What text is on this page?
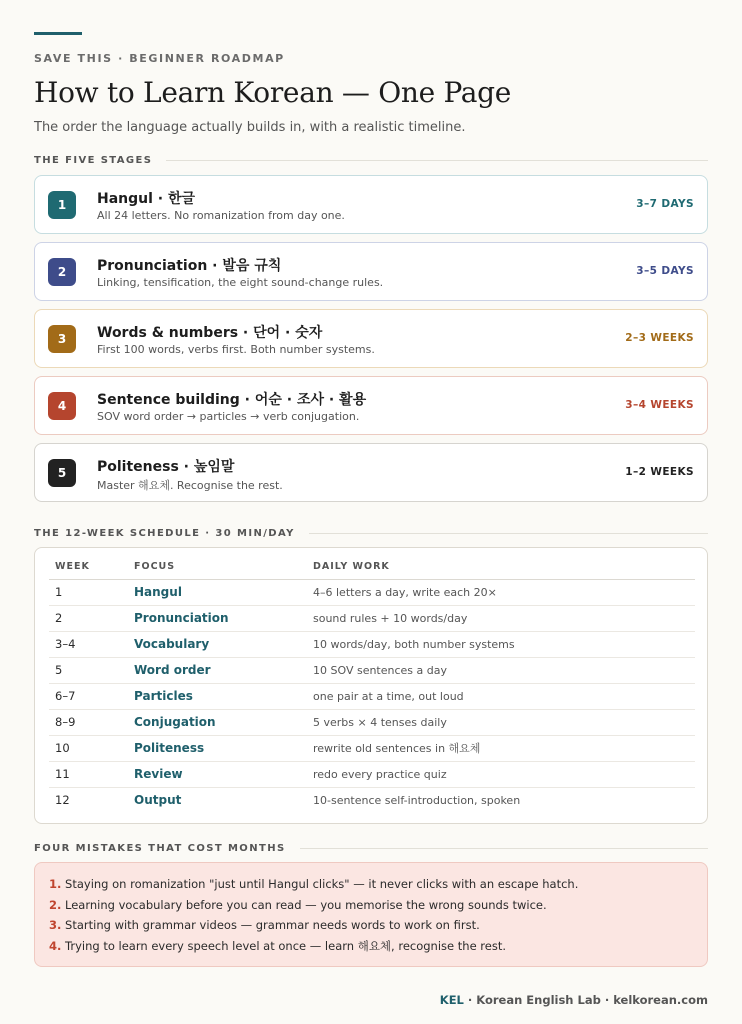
SAVE THIS · BEGINNER ROADMAP
How to Learn Korean — One Page
The order the language actually builds in, with a realistic timeline.
THE FIVE STAGES
1	Hangul · 한글
All 24 letters. No romanization from day one.
3–7 DAYS
2	Pronunciation · 발음 규칙
Linking, tensification, the eight sound-change rules.
3–5 DAYS
3	Words & numbers · 단어 · 숫자
First 100 words, verbs first. Both number systems.
2–3 WEEKS
4	Sentence building · 어순 · 조사 · 활용
SOV word order → particles → verb conjugation.
3–4 WEEKS
5	Politeness · 높임말
Master 해요체. Recognise the rest.
1–2 WEEKS
THE 12-WEEK SCHEDULE · 30 MIN/DAY
WEEK	FOCUS	DAILY WORK
1	Hangul	4–6 letters a day, write each 20×
2	Pronunciation	sound rules + 10 words/day
3–4	Vocabulary	10 words/day, both number systems
5	Word order	10 SOV sentences a day
6–7	Particles	one pair at a time, out loud
8–9	Conjugation	5 verbs × 4 tenses daily
10	Politeness	rewrite old sentences in 해요체
11	Review	redo every practice quiz
12	Output	10-sentence self-introduction, spoken
FOUR MISTAKES THAT COST MONTHS
1. Staying on romanization "just until Hangul clicks" — it never clicks with an escape hatch.
2. Learning vocabulary before you can read — you memorise the wrong sounds twice.
3. Starting with grammar videos — grammar needs words to work on first.
4. Trying to learn every speech level at once — learn 해요체, recognise the rest.
KEL · Korean English Lab · kelkorean.com
